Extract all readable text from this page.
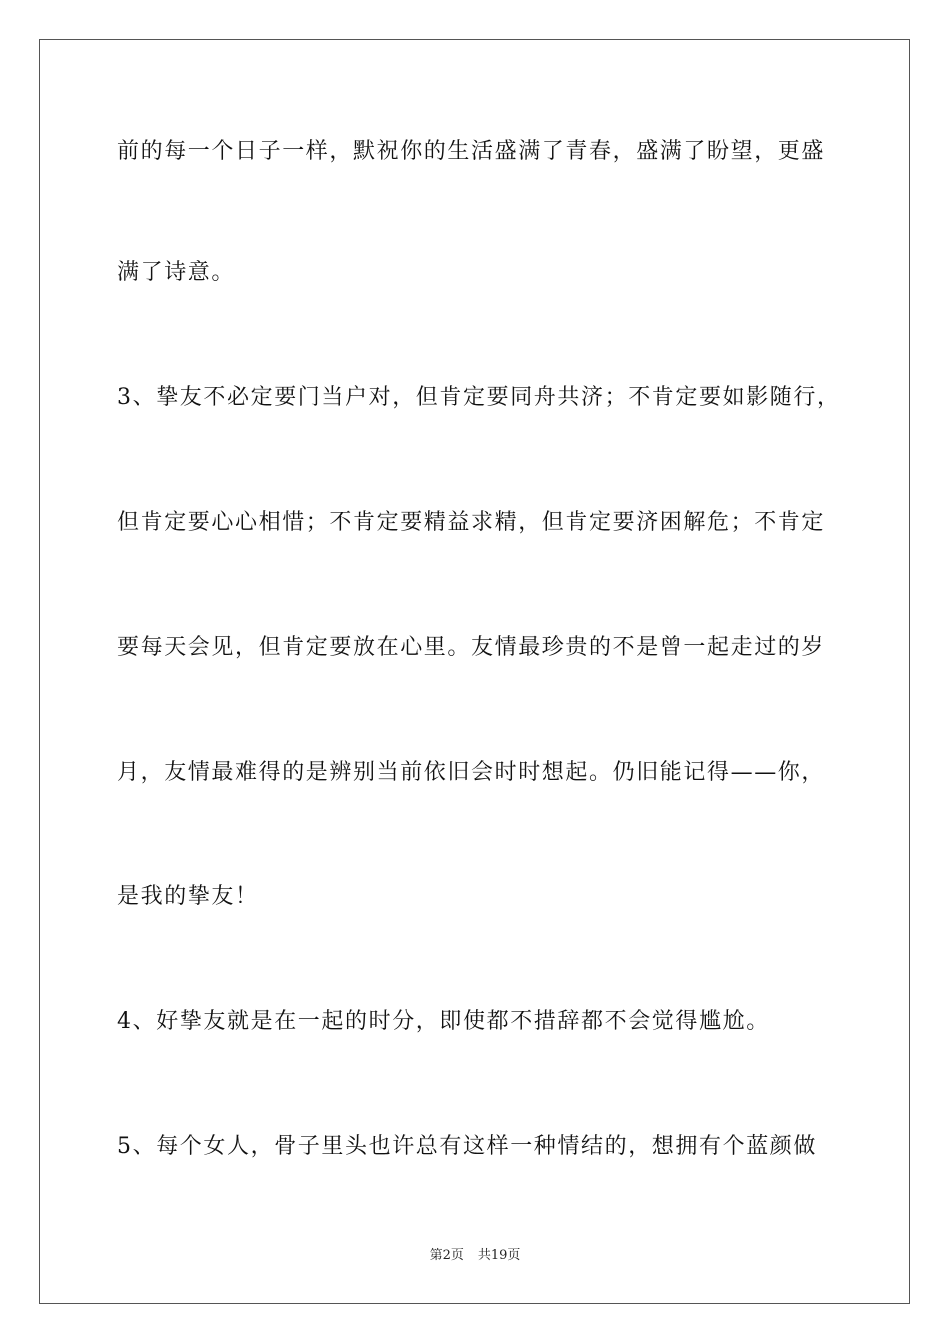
前的每一个日子一样，默祝你的生活盛满了青春，盛满了盼望，更盛
满了诗意。
3、挚友不必定要门当户对，但肯定要同舟共济；不肯定要如影随行，
但肯定要心心相惜；不肯定要精益求精，但肯定要济困解危；不肯定
要每天会见，但肯定要放在心里。友情最珍贵的不是曾一起走过的岁
月，友情最难得的是辨别当前依旧会时时想起。仍旧能记得——你，
是我的挚友！
4、好挚友就是在一起的时分，即使都不措辞都不会觉得尴尬。
5、每个女人，骨子里头也许总有这样一种情结的，想拥有个蓝颜做
第2页 共19页
